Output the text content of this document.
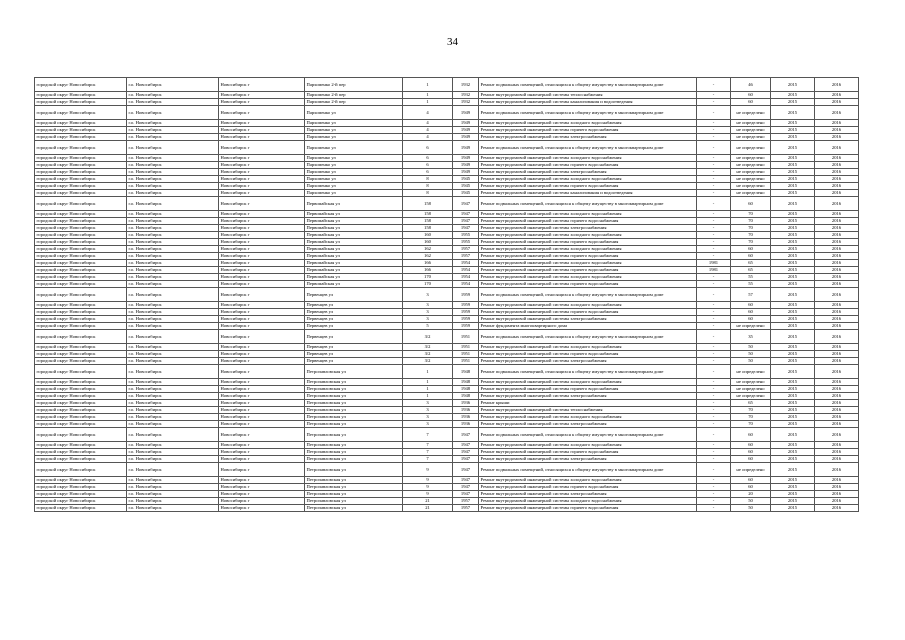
34
городской округ Новосибирск	г.о. Новосибирск	Новосибирск г	Пархоменко 2-й пер	1	1932	Ремонт подвальных помещений, относящихся к общему имуществу в многоквартирном доме	-	46	2015	2016
городской округ Новосибирск	г.о. Новосибирск	Новосибирск г	Пархоменко 2-й пер	1	1932	Ремонт внутридомовой инженерной системы теплоснабжения	-	60	2015	2016
городской округ Новосибирск	г.о. Новосибирск	Новосибирск г	Пархоменко 2-й пер	1	1932	Ремонт внутридомовой инженерной системы канализования и водоотведения	-	60	2015	2016
городской округ Новосибирск	г.о. Новосибирск	Новосибирск г	Пархоменко ул	4	1949	Ремонт подвальных помещений, относящихся к общему имуществу в многоквартирном доме	-	не определено	2015	2016
городской округ Новосибирск	г.о. Новосибирск	Новосибирск г	Пархоменко ул	4	1949	Ремонт внутридомовой инженерной системы холодного водоснабжения	-	не определено	2015	2016
городской округ Новосибирск	г.о. Новосибирск	Новосибирск г	Пархоменко ул	4	1949	Ремонт внутридомовой инженерной системы горячего водоснабжения	-	не определено	2015	2016
городской округ Новосибирск	г.о. Новосибирск	Новосибирск г	Пархоменко ул	4	1949	Ремонт внутридомовой инженерной системы электроснабжения	-	не определено	2015	2016
городской округ Новосибирск	г.о. Новосибирск	Новосибирск г	Пархоменко ул	6	1949	Ремонт подвальных помещений, относящихся к общему имуществу в многоквартирном доме	-	не определено	2015	2016
городской округ Новосибирск	г.о. Новосибирск	Новосибирск г	Пархоменко ул	6	1949	Ремонт внутридомовой инженерной системы холодного водоснабжения	-	не определено	2015	2016
городской округ Новосибирск	г.о. Новосибирск	Новосибирск г	Пархоменко ул	6	1949	Ремонт внутридомовой инженерной системы горячего водоснабжения	-	не определено	2015	2016
городской округ Новосибирск	г.о. Новосибирск	Новосибирск г	Пархоменко ул	6	1949	Ремонт внутридомовой инженерной системы электроснабжения	-	не определено	2015	2016
городской округ Новосибирск	г.о. Новосибирск	Новосибирск г	Пархоменко ул	8	1945	Ремонт внутридомовой инженерной системы холодного водоснабжения	-	не определено	2015	2016
городской округ Новосибирск	г.о. Новосибирск	Новосибирск г	Пархоменко ул	8	1945	Ремонт внутридомовой инженерной системы горячего водоснабжения	-	не определено	2015	2016
городской округ Новосибирск	г.о. Новосибирск	Новосибирск г	Пархоменко ул	8	1945	Ремонт внутридомовой инженерной системы канализования и водоотведения	-	не определено	2015	2016
городской округ Новосибирск	г.о. Новосибирск	Новосибирск г	Первомайская ул	158	1947	Ремонт подвальных помещений, относящихся к общему имуществу в многоквартирном доме	-	60	2015	2016
городской округ Новосибирск	г.о. Новосибирск	Новосибирск г	Первомайская ул	158	1947	Ремонт внутридомовой инженерной системы холодного водоснабжения	-	70	2015	2016
городской округ Новосибирск	г.о. Новосибирск	Новосибирск г	Первомайская ул	158	1947	Ремонт внутридомовой инженерной системы горячего водоснабжения	-	70	2015	2016
городской округ Новосибирск	г.о. Новосибирск	Новосибирск г	Первомайская ул	158	1947	Ремонт внутридомовой инженерной системы электроснабжения	-	70	2015	2016
городской округ Новосибирск	г.о. Новосибирск	Новосибирск г	Первомайская ул	160	1955	Ремонт внутридомовой инженерной системы холодного водоснабжения	-	70	2015	2016
городской округ Новосибирск	г.о. Новосибирск	Новосибирск г	Первомайская ул	160	1955	Ремонт внутридомовой инженерной системы горячего водоснабжения	-	70	2015	2016
городской округ Новосибирск	г.о. Новосибирск	Новосибирск г	Первомайская ул	162	1957	Ремонт внутридомовой инженерной системы холодного водоснабжения	-	60	2015	2016
городской округ Новосибирск	г.о. Новосибирск	Новосибирск г	Первомайская ул	162	1957	Ремонт внутридомовой инженерной системы горячего водоснабжения	-	60	2015	2016
городской округ Новосибирск	г.о. Новосибирск	Новосибирск г	Первомайская ул	166	1954	Ремонт внутридомовой инженерной системы холодного водоснабжения	1981	65	2015	2016
городской округ Новосибирск	г.о. Новосибирск	Новосибирск г	Первомайская ул	166	1954	Ремонт внутридомовой инженерной системы горячего водоснабжения	1981	65	2015	2016
городской округ Новосибирск	г.о. Новосибирск	Новосибирск г	Первомайская ул	170	1954	Ремонт внутридомовой инженерной системы холодного водоснабжения	-	55	2015	2016
городской округ Новосибирск	г.о. Новосибирск	Новосибирск г	Первомайская ул	170	1954	Ремонт внутридомовой инженерной системы горячего водоснабжения	-	55	2015	2016
городской округ Новосибирск	г.о. Новосибирск	Новосибирск г	Первенцев ул	3	1959	Ремонт подвальных помещений, относящихся к общему имуществу в многоквартирном доме	-	57	2015	2016
городской округ Новосибирск	г.о. Новосибирск	Новосибирск г	Первенцев ул	3	1959	Ремонт внутридомовой инженерной системы холодного водоснабжения	-	60	2015	2016
городской округ Новосибирск	г.о. Новосибирск	Новосибирск г	Первенцев ул	3	1959	Ремонт внутридомовой инженерной системы горячего водоснабжения	-	60	2015	2016
городской округ Новосибирск	г.о. Новосибирск	Новосибирск г	Первенцев ул	3	1959	Ремонт внутридомовой инженерной системы электроснабжения	-	60	2015	2016
городской округ Новосибирск	г.о. Новосибирск	Новосибирск г	Первенцев ул	5	1959	Ремонт фундамента многоквартирного дома	-	не определено	2015	2016
городской округ Новосибирск	г.о. Новосибирск	Новосибирск г	Первенцев ул	3/2	1951	Ремонт подвальных помещений, относящихся к общему имуществу в многоквартирном доме	-	35	2015	2016
городской округ Новосибирск	г.о. Новосибирск	Новосибирск г	Первенцев ул	3/2	1951	Ремонт внутридомовой инженерной системы холодного водоснабжения	-	50	2015	2016
городской округ Новосибирск	г.о. Новосибирск	Новосибирск г	Первенцев ул	3/2	1951	Ремонт внутридомовой инженерной системы горячего водоснабжения	-	50	2015	2016
городской округ Новосибирск	г.о. Новосибирск	Новосибирск г	Первенцев ул	3/2	1951	Ремонт внутридомовой инженерной системы электроснабжения	-	50	2015	2016
городской округ Новосибирск	г.о. Новосибирск	Новосибирск г	Петропавловская ул	1	1948	Ремонт подвальных помещений, относящихся к общему имуществу в многоквартирном доме	-	не определено	2015	2016
городской округ Новосибирск	г.о. Новосибирск	Новосибирск г	Петропавловская ул	1	1948	Ремонт внутридомовой инженерной системы холодного водоснабжения	-	не определено	2015	2016
городской округ Новосибирск	г.о. Новосибирск	Новосибирск г	Петропавловская ул	1	1948	Ремонт внутридомовой инженерной системы горячего водоснабжения	-	не определено	2015	2016
городской округ Новосибирск	г.о. Новосибирск	Новосибирск г	Петропавловская ул	1	1948	Ремонт внутридомовой инженерной системы электроснабжения	-	не определено	2015	2016
городской округ Новосибирск	г.о. Новосибирск	Новосибирск г	Петропавловская ул	3	1936	Ремонт крыши	-	65	2015	2016
городской округ Новосибирск	г.о. Новосибирск	Новосибирск г	Петропавловская ул	3	1936	Ремонт внутридомовой инженерной системы теплоснабжения	-	70	2015	2016
городской округ Новосибирск	г.о. Новосибирск	Новосибирск г	Петропавловская ул	3	1936	Ремонт внутридомовой инженерной системы холодного водоснабжения	-	70	2015	2016
городской округ Новосибирск	г.о. Новосибирск	Новосибирск г	Петропавловская ул	3	1936	Ремонт внутридомовой инженерной системы электроснабжения	-	70	2015	2016
городской округ Новосибирск	г.о. Новосибирск	Новосибирск г	Петропавловская ул	7	1947	Ремонт подвальных помещений, относящихся к общему имуществу в многоквартирном доме	-	60	2015	2016
городской округ Новосибирск	г.о. Новосибирск	Новосибирск г	Петропавловская ул	7	1947	Ремонт внутридомовой инженерной системы холодного водоснабжения	-	60	2015	2016
городской округ Новосибирск	г.о. Новосибирск	Новосибирск г	Петропавловская ул	7	1947	Ремонт внутридомовой инженерной системы горячего водоснабжения	-	60	2015	2016
городской округ Новосибирск	г.о. Новосибирск	Новосибирск г	Петропавловская ул	7	1947	Ремонт внутридомовой инженерной системы электроснабжения	-	60	2015	2016
городской округ Новосибирск	г.о. Новосибирск	Новосибирск г	Петропавловская ул	9	1947	Ремонт подвальных помещений, относящихся к общему имуществу в многоквартирном доме	-	не определено	2015	2016
городской округ Новосибирск	г.о. Новосибирск	Новосибирск г	Петропавловская ул	9	1947	Ремонт внутридомовой инженерной системы холодного водоснабжения	-	60	2015	2016
городской округ Новосибирск	г.о. Новосибирск	Новосибирск г	Петропавловская ул	9	1947	Ремонт внутридомовой инженерной системы горячего водоснабжения	-	60	2015	2016
городской округ Новосибирск	г.о. Новосибирск	Новосибирск г	Петропавловская ул	9	1947	Ремонт внутридомовой инженерной системы электроснабжения	-	20	2015	2016
городской округ Новосибирск	г.о. Новосибирск	Новосибирск г	Петропавловская ул	21	1957	Ремонт внутридомовой инженерной системы холодного водоснабжения	-	50	2015	2016
городской округ Новосибирск	г.о. Новосибирск	Новосибирск г	Петропавловская ул	21	1957	Ремонт внутридомовой инженерной системы горячего водоснабжения	-	50	2015	2016
